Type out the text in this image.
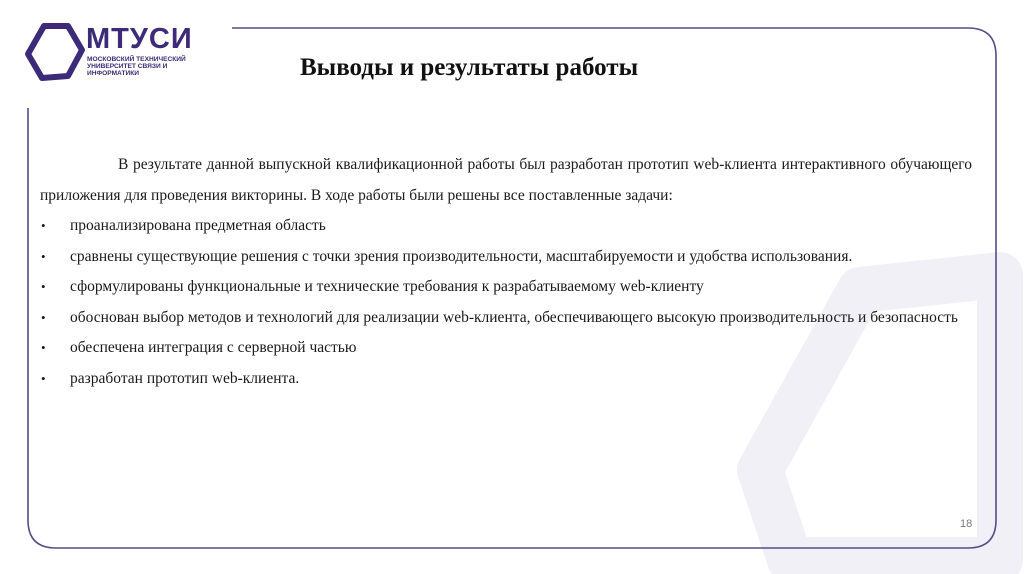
МТУСИ
МОСКОВСКИЙ ТЕХНИЧЕСКИЙ УНИВЕРСИТЕТ СВЯЗИ И ИНФОРМАТИКИ	Выводы и результаты работы

В результате данной выпускной квалификационной работы был разработан прототип web-клиента интерактивного обучающего приложения для проведения викторины. В ходе работы были решены все поставленные задачи:

• проанализирована предметная область
• сравнены существующие решения с точки зрения производительности, масштабируемости и удобства использования.
• сформулированы функциональные и технические требования к разрабатываемому web-клиенту
• обоснован выбор методов и технологий для реализации web-клиента, обеспечивающего высокую производительность и безопасность
• обеспечена интеграция с серверной частью
• разработан прототип web-клиента.
18
